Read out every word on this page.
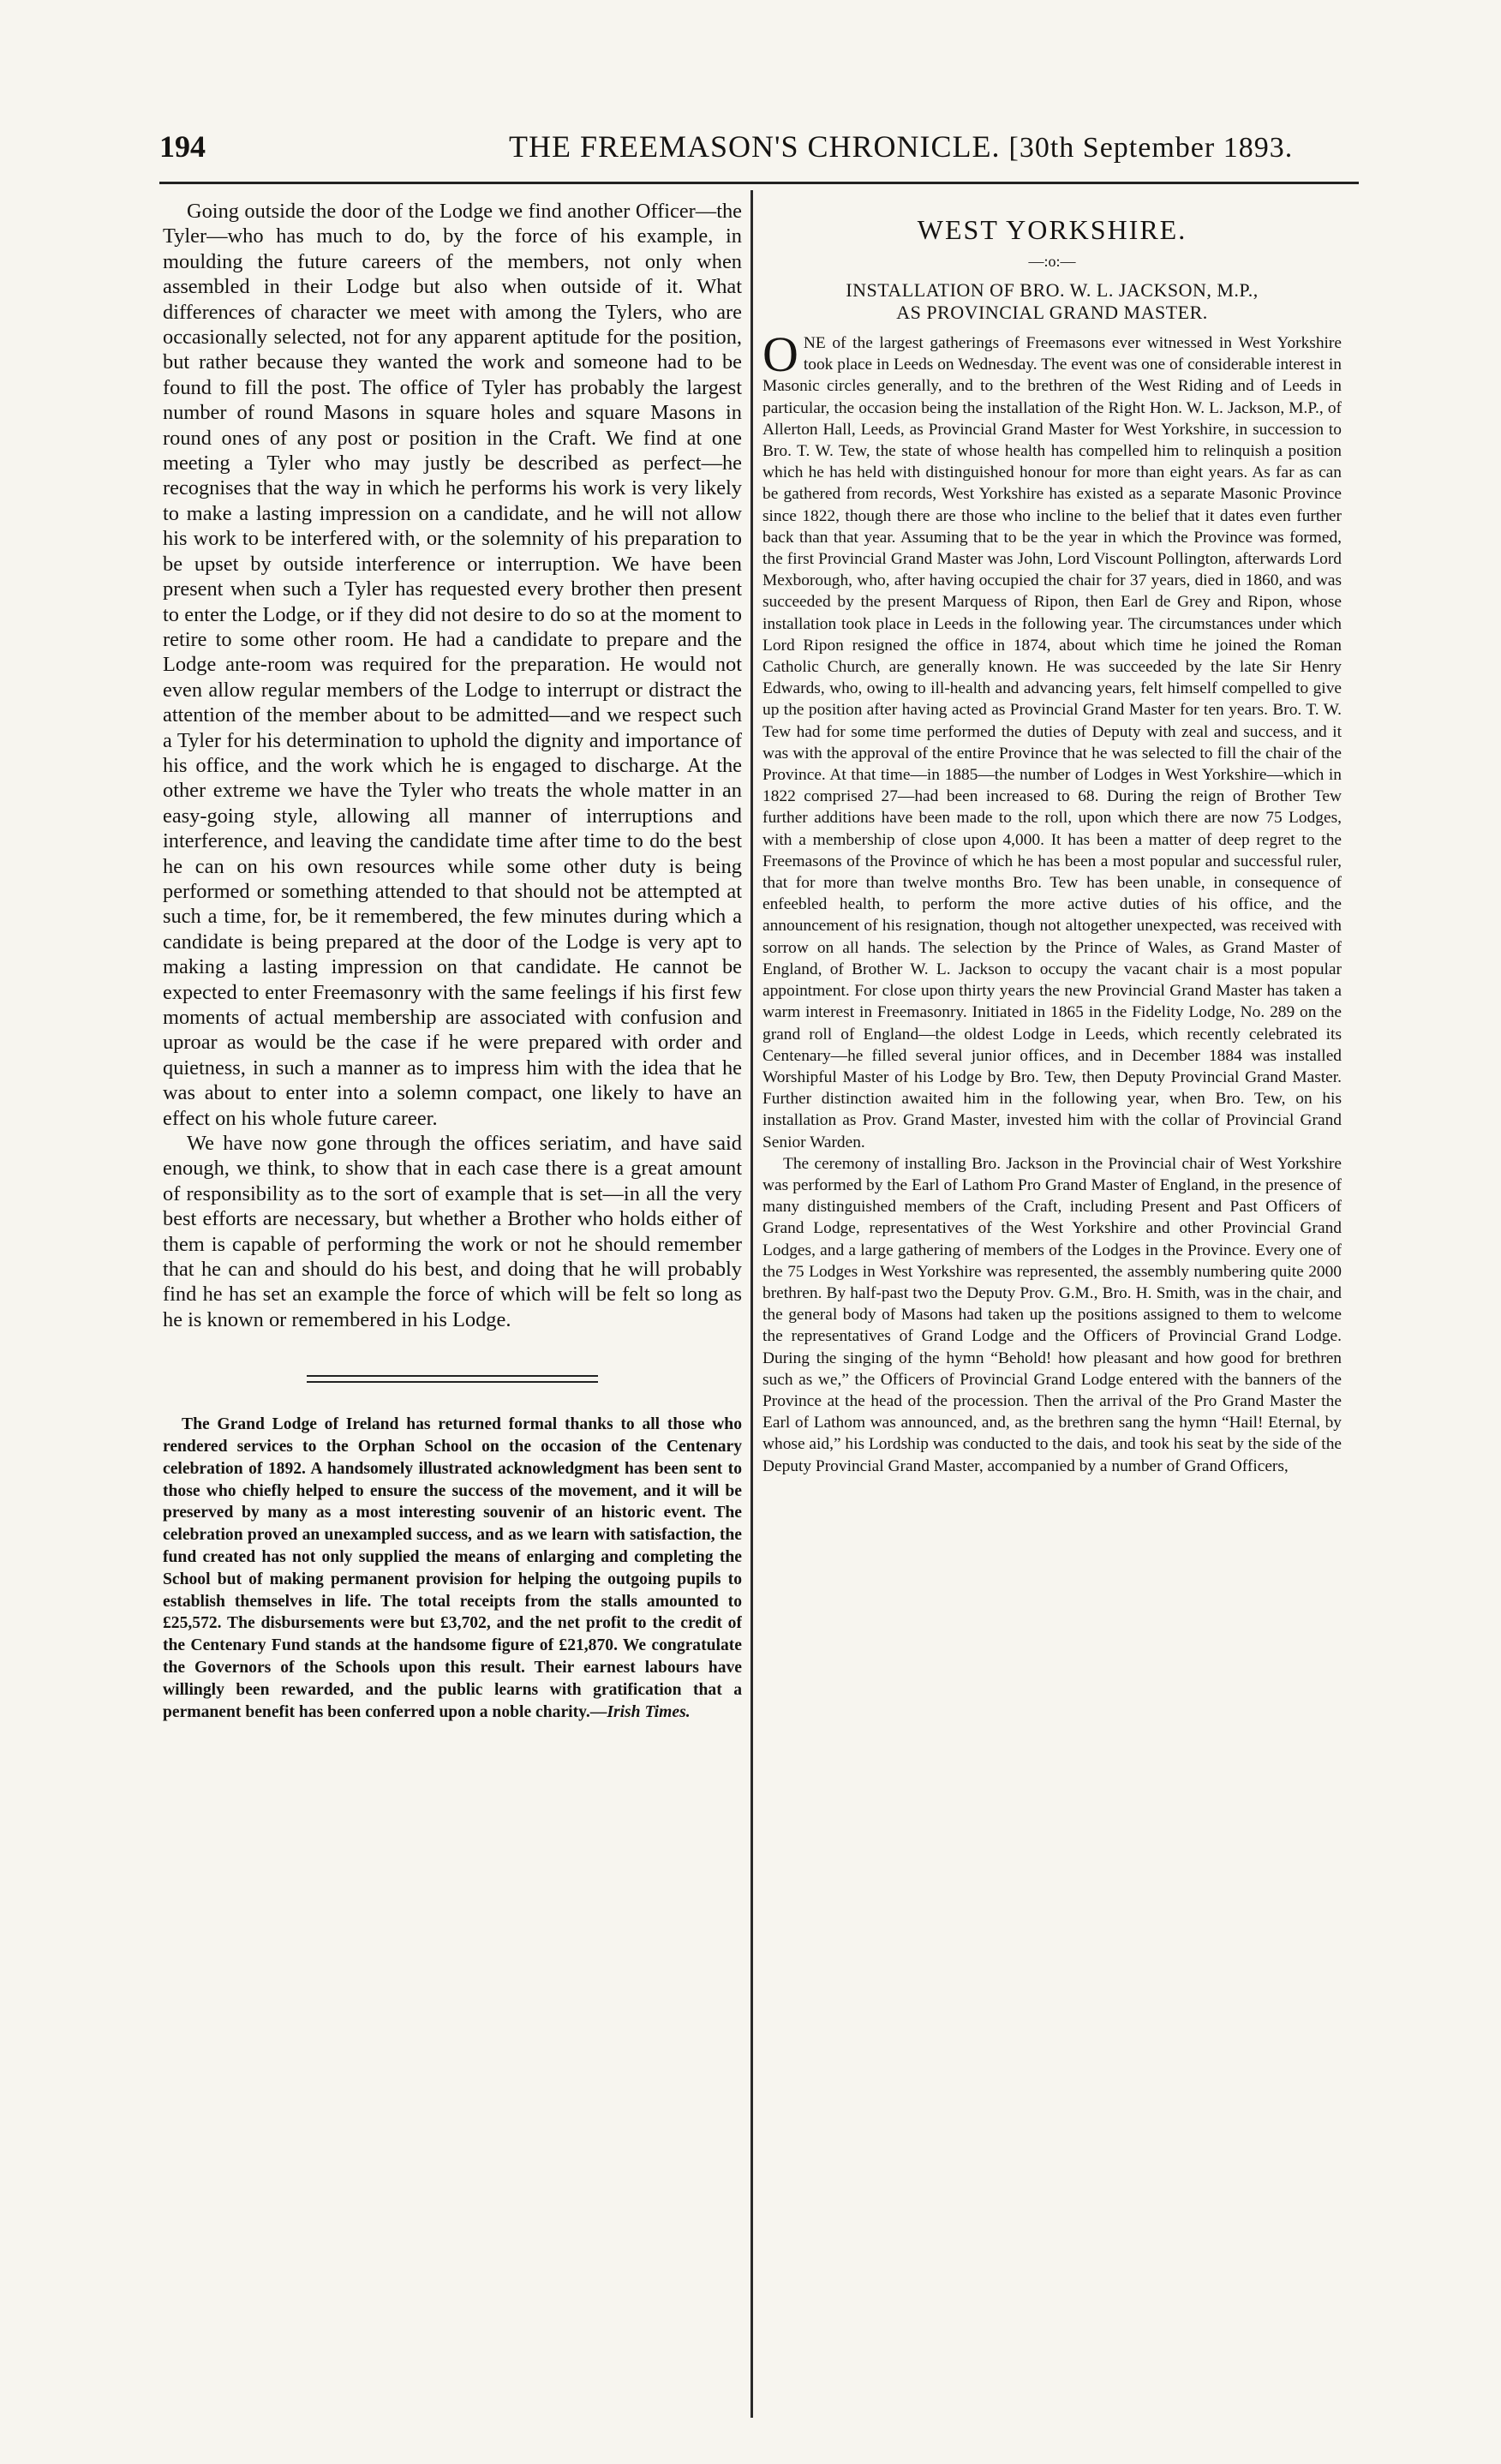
194	THE FREEMASON'S CHRONICLE. [30th September 1893.

Going outside the door of the Lodge we find another Officer—the Tyler—who has much to do, by the force of his example, in moulding the future careers of the members, not only when assembled in their Lodge but also when outside of it. What differences of character we meet with among the Tylers, who are occasionally selected, not for any apparent aptitude for the position, but rather because they wanted the work and someone had to be found to fill the post. The office of Tyler has probably the largest number of round Masons in square holes and square Masons in round ones of any post or position in the Craft. We find at one meeting a Tyler who may justly be described as perfect—he recognises that the way in which he performs his work is very likely to make a lasting impression on a candidate, and he will not allow his work to be interfered with, or the solemnity of his preparation to be upset by outside interference or interruption. We have been present when such a Tyler has requested every brother then present to enter the Lodge, or if they did not desire to do so at the moment to retire to some other room. He had a candidate to prepare and the Lodge ante-room was required for the preparation. He would not even allow regular members of the Lodge to interrupt or distract the attention of the member about to be admitted—and we respect such a Tyler for his determination to uphold the dignity and importance of his office, and the work which he is engaged to discharge. At the other extreme we have the Tyler who treats the whole matter in an easy-going style, allowing all manner of interruptions and interference, and leaving the candidate time after time to do the best he can on his own resources while some other duty is being performed or something attended to that should not be attempted at such a time, for, be it remembered, the few minutes during which a candidate is being prepared at the door of the Lodge is very apt to making a lasting impression on that candidate. He cannot be expected to enter Freemasonry with the same feelings if his first few moments of actual membership are associated with confusion and uproar as would be the case if he were prepared with order and quietness, in such a manner as to impress him with the idea that he was about to enter into a solemn compact, one likely to have an effect on his whole future career.

We have now gone through the offices seriatim, and have said enough, we think, to show that in each case there is a great amount of responsibility as to the sort of example that is set—in all the very best efforts are necessary, but whether a Brother who holds either of them is capable of performing the work or not he should remember that he can and should do his best, and doing that he will probably find he has set an example the force of which will be felt so long as he is known or remembered in his Lodge.

The Grand Lodge of Ireland has returned formal thanks to all those who rendered services to the Orphan School on the occasion of the Centenary celebration of 1892. A handsomely illustrated acknowledgment has been sent to those who chiefly helped to ensure the success of the movement, and it will be preserved by many as a most interesting souvenir of an historic event. The celebration proved an unexampled success, and as we learn with satisfaction, the fund created has not only supplied the means of enlarging and completing the School but of making permanent provision for helping the outgoing pupils to establish themselves in life. The total receipts from the stalls amounted to £25,572. The disbursements were but £3,702, and the net profit to the credit of the Centenary Fund stands at the handsome figure of £21,870. We congratulate the Governors of the Schools upon this result. Their earnest labours have willingly been rewarded, and the public learns with gratification that a permanent benefit has been conferred upon a noble charity.—Irish Times.

WEST YORKSHIRE.
—:o:—
INSTALLATION OF BRO. W. L. JACKSON, M.P.,
AS PROVINCIAL GRAND MASTER.

ONE of the largest gatherings of Freemasons ever witnessed in West Yorkshire took place in Leeds on Wednesday. The event was one of considerable interest in Masonic circles generally, and to the brethren of the West Riding and of Leeds in particular, the occasion being the installation of the Right Hon. W. L. Jackson, M.P., of Allerton Hall, Leeds, as Provincial Grand Master for West Yorkshire, in succession to Bro. T. W. Tew, the state of whose health has compelled him to relinquish a position which he has held with distinguished honour for more than eight years. As far as can be gathered from records, West Yorkshire has existed as a separate Masonic Province since 1822, though there are those who incline to the belief that it dates even further back than that year. Assuming that to be the year in which the Province was formed, the first Provincial Grand Master was John, Lord Viscount Pollington, afterwards Lord Mexborough, who, after having occupied the chair for 37 years, died in 1860, and was succeeded by the present Marquess of Ripon, then Earl de Grey and Ripon, whose installation took place in Leeds in the following year. The circumstances under which Lord Ripon resigned the office in 1874, about which time he joined the Roman Catholic Church, are generally known. He was succeeded by the late Sir Henry Edwards, who, owing to ill-health and advancing years, felt himself compelled to give up the position after having acted as Provincial Grand Master for ten years. Bro. T. W. Tew had for some time performed the duties of Deputy with zeal and success, and it was with the approval of the entire Province that he was selected to fill the chair of the Province. At that time—in 1885—the number of Lodges in West Yorkshire—which in 1822 comprised 27—had been increased to 68. During the reign of Brother Tew further additions have been made to the roll, upon which there are now 75 Lodges, with a membership of close upon 4,000. It has been a matter of deep regret to the Freemasons of the Province of which he has been a most popular and successful ruler, that for more than twelve months Bro. Tew has been unable, in consequence of enfeebled health, to perform the more active duties of his office, and the announcement of his resignation, though not altogether unexpected, was received with sorrow on all hands. The selection by the Prince of Wales, as Grand Master of England, of Brother W. L. Jackson to occupy the vacant chair is a most popular appointment. For close upon thirty years the new Provincial Grand Master has taken a warm interest in Freemasonry. Initiated in 1865 in the Fidelity Lodge, No. 289 on the grand roll of England—the oldest Lodge in Leeds, which recently celebrated its Centenary—he filled several junior offices, and in December 1884 was installed Worshipful Master of his Lodge by Bro. Tew, then Deputy Provincial Grand Master. Further distinction awaited him in the following year, when Bro. Tew, on his installation as Prov. Grand Master, invested him with the collar of Provincial Grand Senior Warden.

The ceremony of installing Bro. Jackson in the Provincial chair of West Yorkshire was performed by the Earl of Lathom Pro Grand Master of England, in the presence of many distinguished members of the Craft, including Present and Past Officers of Grand Lodge, representatives of the West Yorkshire and other Provincial Grand Lodges, and a large gathering of members of the Lodges in the Province. Every one of the 75 Lodges in West Yorkshire was represented, the assembly numbering quite 2000 brethren. By half-past two the Deputy Prov. G.M., Bro. H. Smith, was in the chair, and the general body of Masons had taken up the positions assigned to them to welcome the representatives of Grand Lodge and the Officers of Provincial Grand Lodge. During the singing of the hymn “Behold! how pleasant and how good for brethren such as we,” the Officers of Provincial Grand Lodge entered with the banners of the Province at the head of the procession. Then the arrival of the Pro Grand Master the Earl of Lathom was announced, and, as the brethren sang the hymn “Hail! Eternal, by whose aid,” his Lordship was conducted to the dais, and took his seat by the side of the Deputy Provincial Grand Master, accompanied by a number of Grand Officers,
